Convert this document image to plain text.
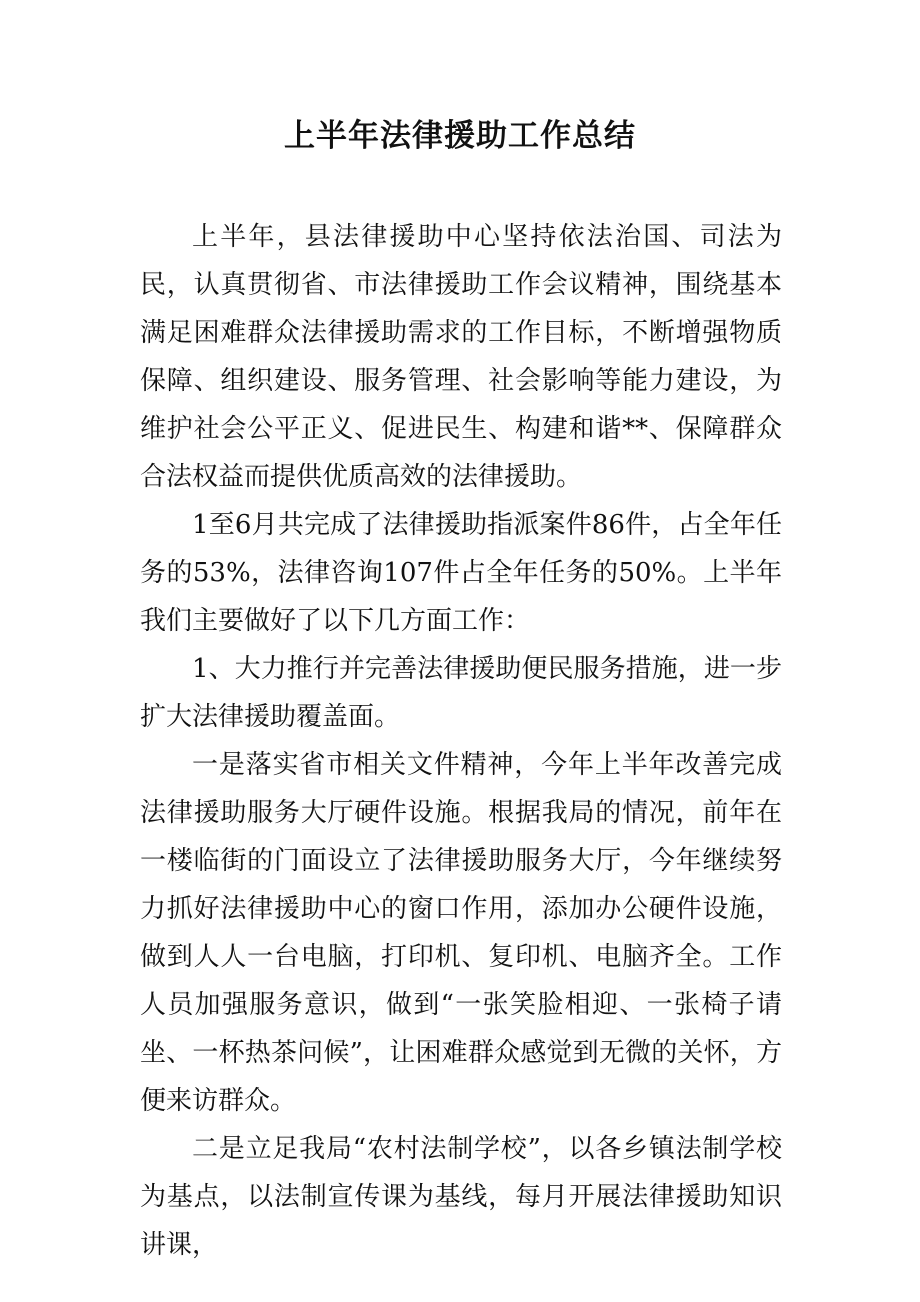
上半年法律援助工作总结

上半年，县法律援助中心坚持依法治国、司法为民，认真贯彻省、市法律援助工作会议精神，围绕基本满足困难群众法律援助需求的工作目标，不断增强物质保障、组织建设、服务管理、社会影响等能力建设，为维护社会公平正义、促进民生、构建和谐**、保障群众合法权益而提供优质高效的法律援助。

1至6月共完成了法律援助指派案件86件，占全年任务的53%，法律咨询107件占全年任务的50%。上半年我们主要做好了以下几方面工作：

1、大力推行并完善法律援助便民服务措施，进一步扩大法律援助覆盖面。

一是落实省市相关文件精神，今年上半年改善完成法律援助服务大厅硬件设施。根据我局的情况，前年在一楼临街的门面设立了法律援助服务大厅，今年继续努力抓好法律援助中心的窗口作用，添加办公硬件设施，做到人人一台电脑，打印机、复印机、电脑齐全。工作人员加强服务意识，做到“一张笑脸相迎、一张椅子请坐、一杯热茶问候”，让困难群众感觉到无微的关怀，方便来访群众。

二是立足我局“农村法制学校”，以各乡镇法制学校为基点，以法制宣传课为基线，每月开展法律援助知识讲课，
